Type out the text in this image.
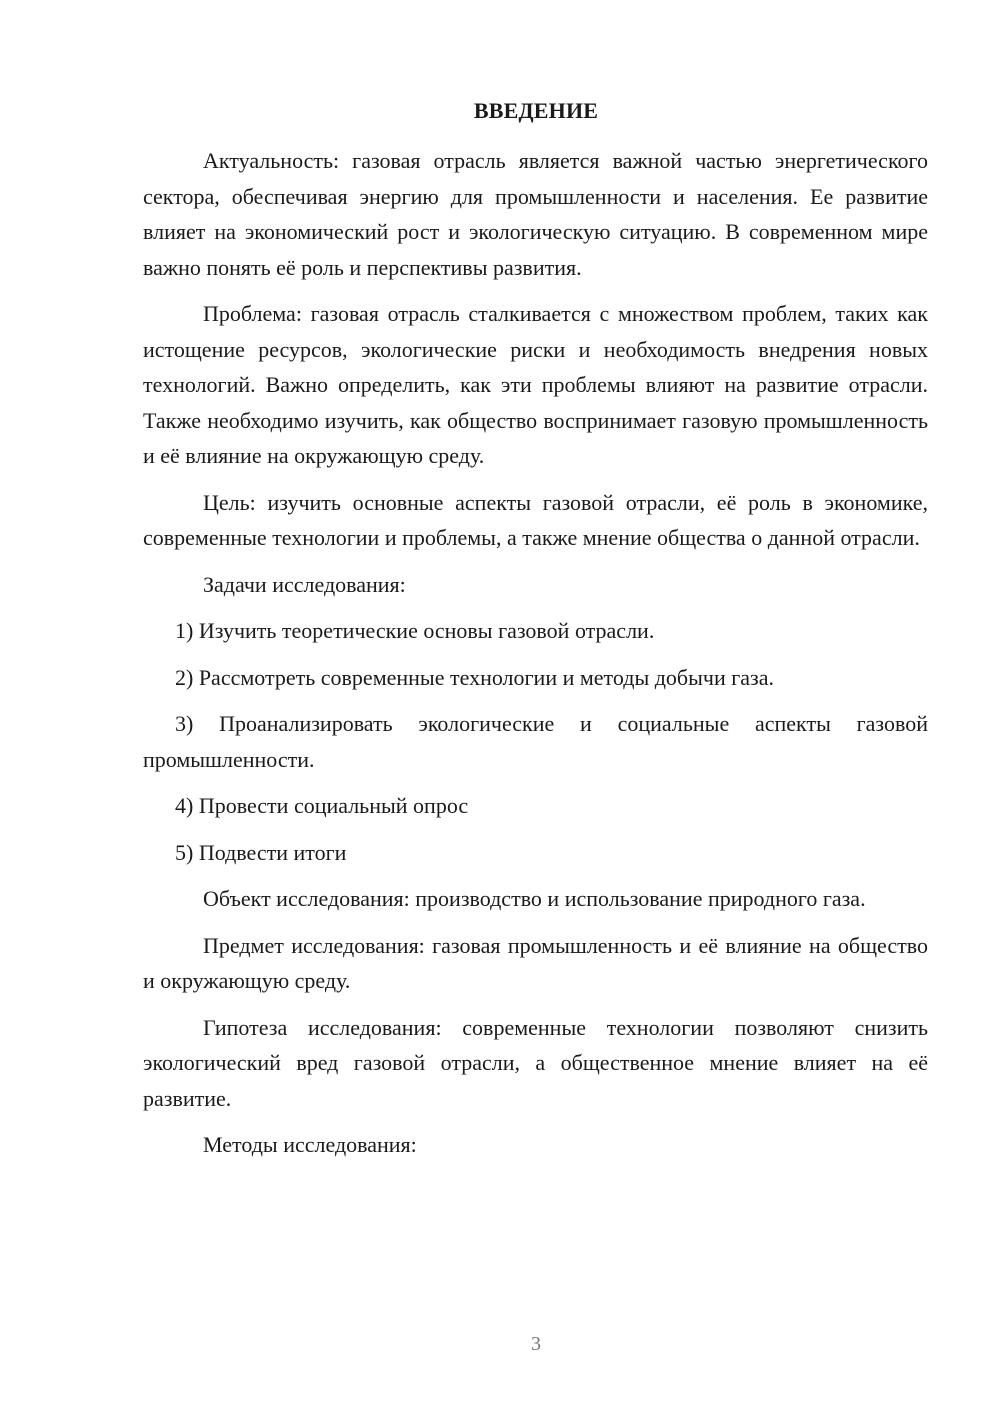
ВВЕДЕНИЕ

Актуальность: газовая отрасль является важной частью энергетического сектора, обеспечивая энергию для промышленности и населения. Ее развитие влияет на экономический рост и экологическую ситуацию. В современном мире важно понять её роль и перспективы развития.

Проблема: газовая отрасль сталкивается с множеством проблем, таких как истощение ресурсов, экологические риски и необходимость внедрения новых технологий. Важно определить, как эти проблемы влияют на развитие отрасли. Также необходимо изучить, как общество воспринимает газовую промышленность и её влияние на окружающую среду.

Цель: изучить основные аспекты газовой отрасли, её роль в экономике, современные технологии и проблемы, а также мнение общества о данной отрасли.

Задачи исследования:

1) Изучить теоретические основы газовой отрасли.

2) Рассмотреть современные технологии и методы добычи газа.

3) Проанализировать экологические и социальные аспекты газовой промышленности.

4) Провести социальный опрос

5) Подвести итоги

Объект исследования: производство и использование природного газа.

Предмет исследования: газовая промышленность и её влияние на общество и окружающую среду.

Гипотеза исследования: современные технологии позволяют снизить экологический вред газовой отрасли, а общественное мнение влияет на её развитие.

Методы исследования:

3
